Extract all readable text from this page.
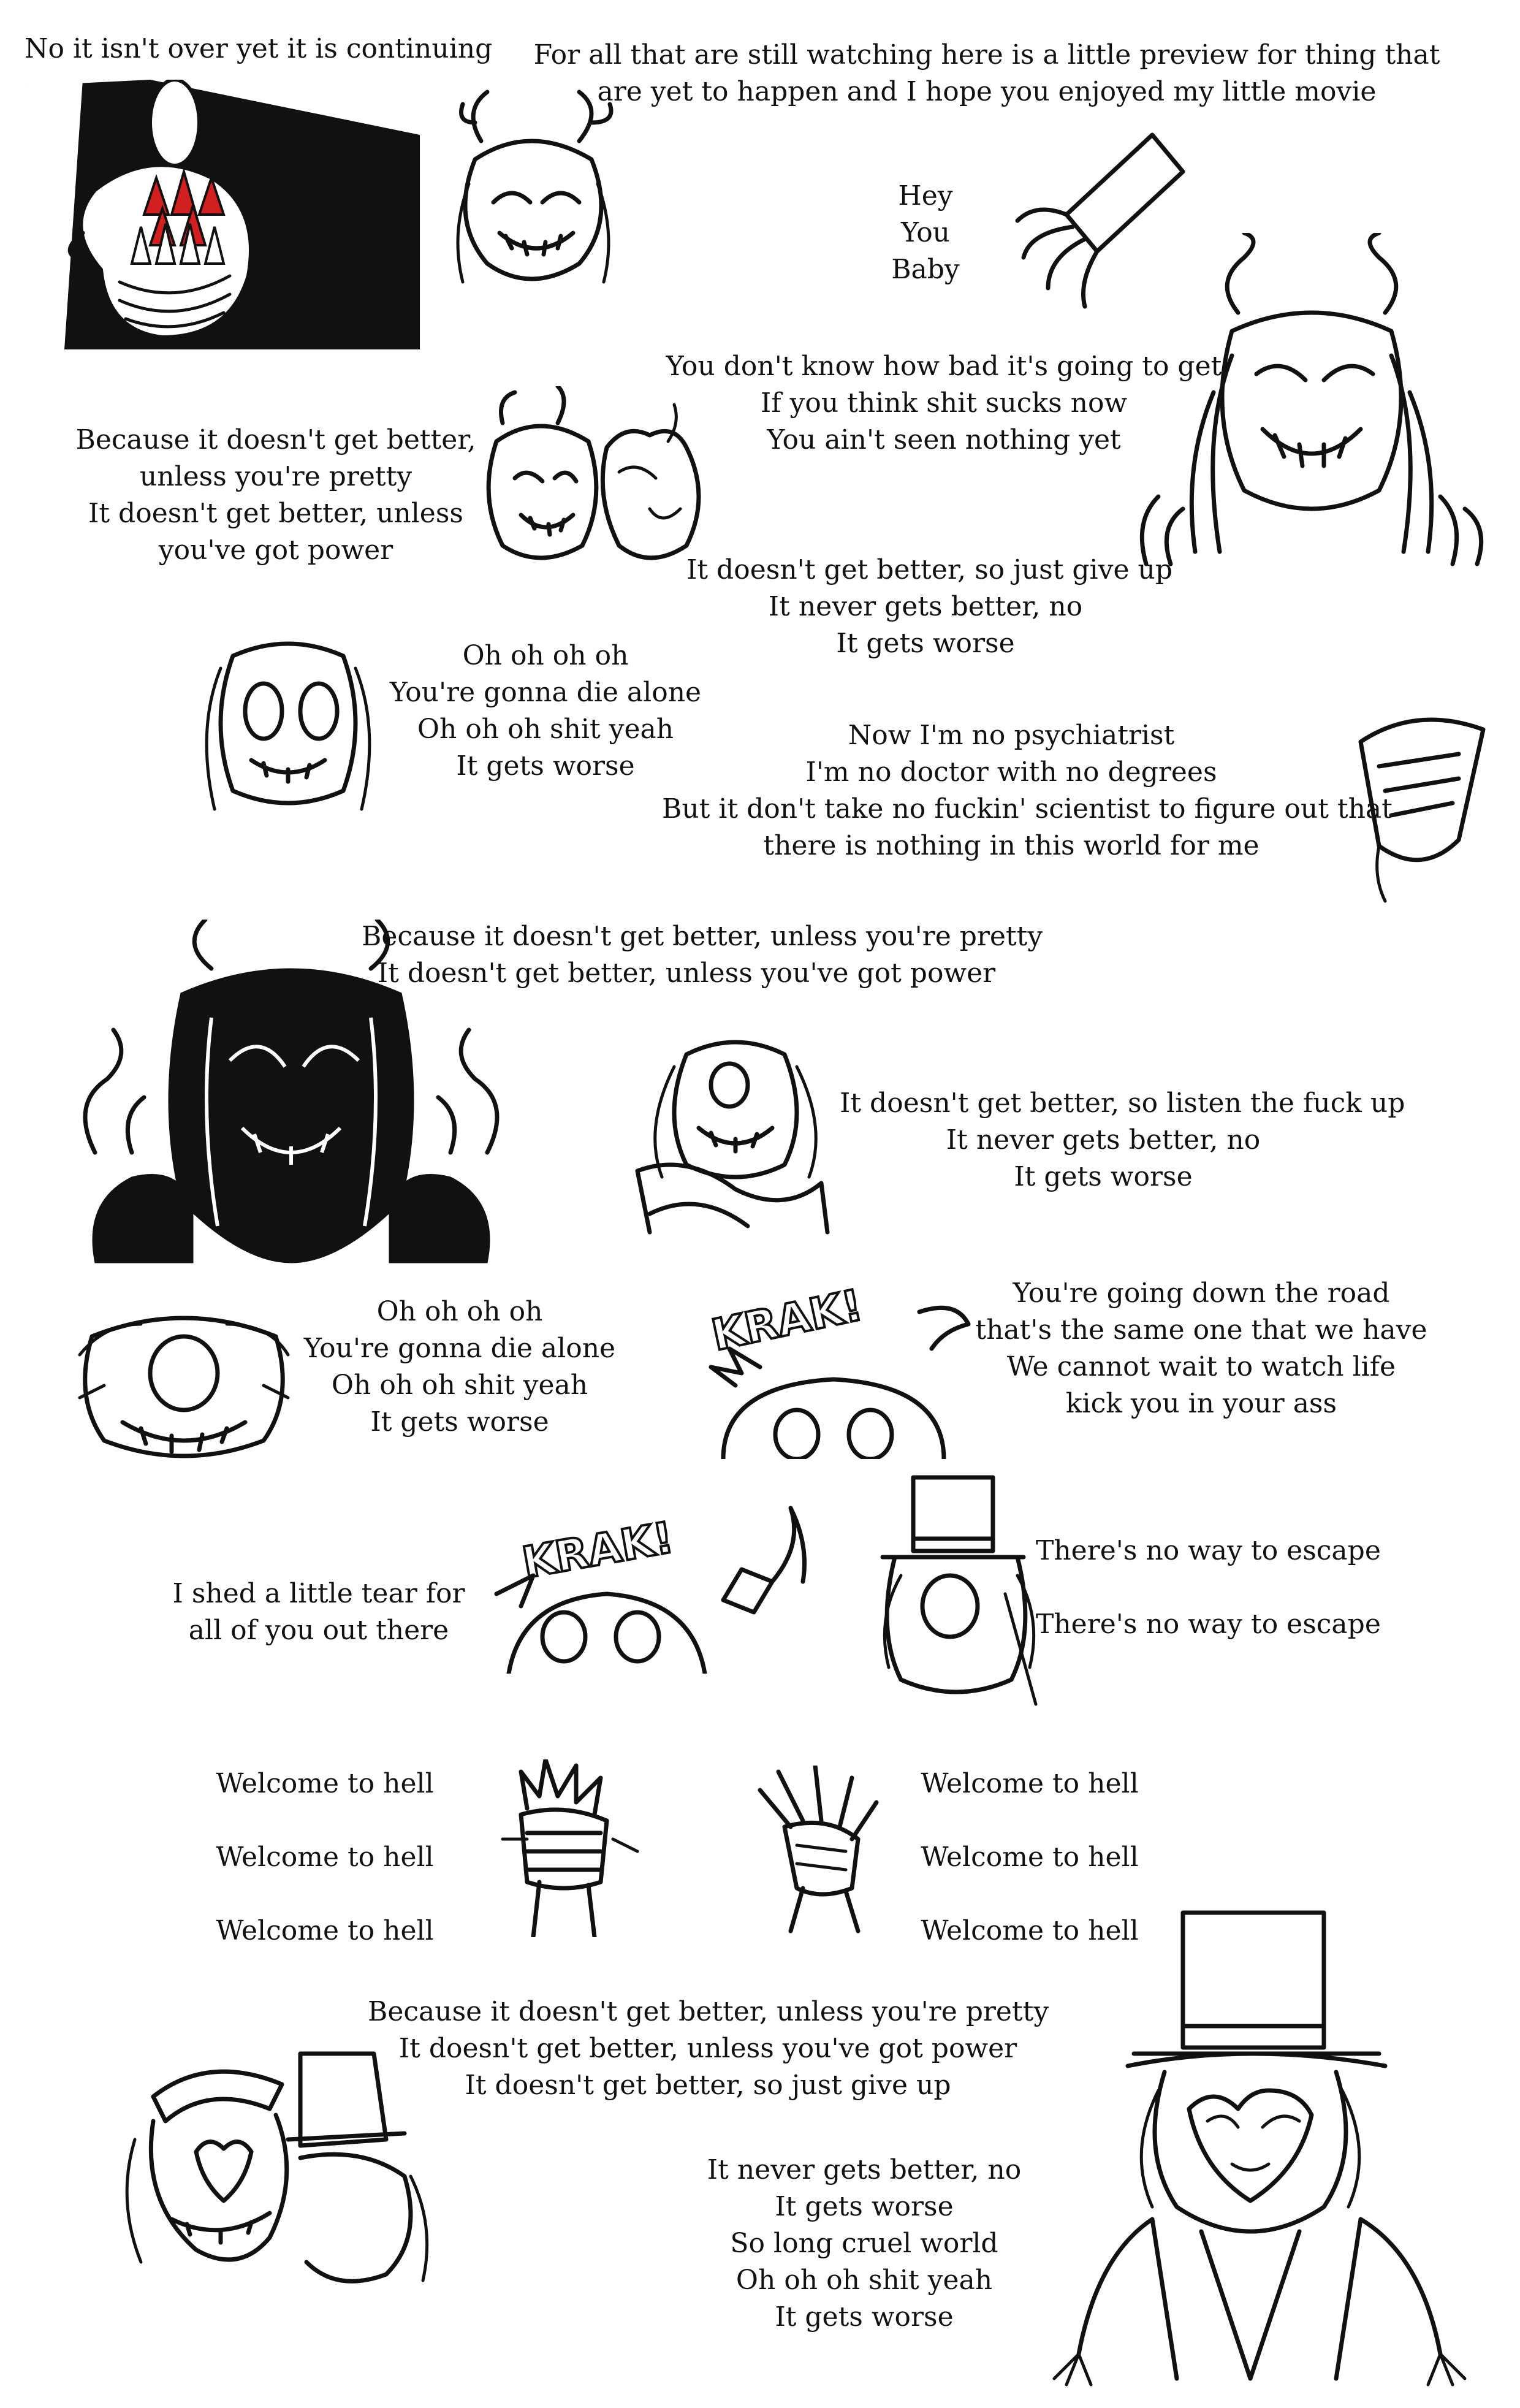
No it isn't over yet it is continuing	For all that are still watching here is a little preview for thing that
are yet to happen and I hope you enjoyed my little movie
Hey
You
Baby
You don't know how bad it's going to get
If you think shit sucks now
You ain't seen nothing yet
Because it doesn't get better,
unless you're pretty
It doesn't get better, unless
you've got power
It doesn't get better, so just give up
It never gets better, no
It gets worse
Oh oh oh oh
You're gonna die alone
Oh oh oh shit yeah
It gets worse
Now I'm no psychiatrist
I'm no doctor with no degrees
But it don't take no fuckin' scientist to figure out that
there is nothing in this world for me
Because it doesn't get better, unless you're pretty
It doesn't get better, unless you've got power
It doesn't get better, so listen the fuck up
It never gets better, no
It gets worse
Oh oh oh oh
You're gonna die alone
Oh oh oh shit yeah
It gets worse
You're going down the road
that's the same one that we have
We cannot wait to watch life
kick you in your ass
I shed a little tear for
all of you out there
There's no way to escape
There's no way to escape
Welcome to hell
Welcome to hell
Welcome to hell
Welcome to hell
Welcome to hell
Welcome to hell
Because it doesn't get better, unless you're pretty
It doesn't get better, unless you've got power
It doesn't get better, so just give up
It never gets better, no
It gets worse
So long cruel world
Oh oh oh shit yeah
It gets worse
KRAK!
KRAK!
